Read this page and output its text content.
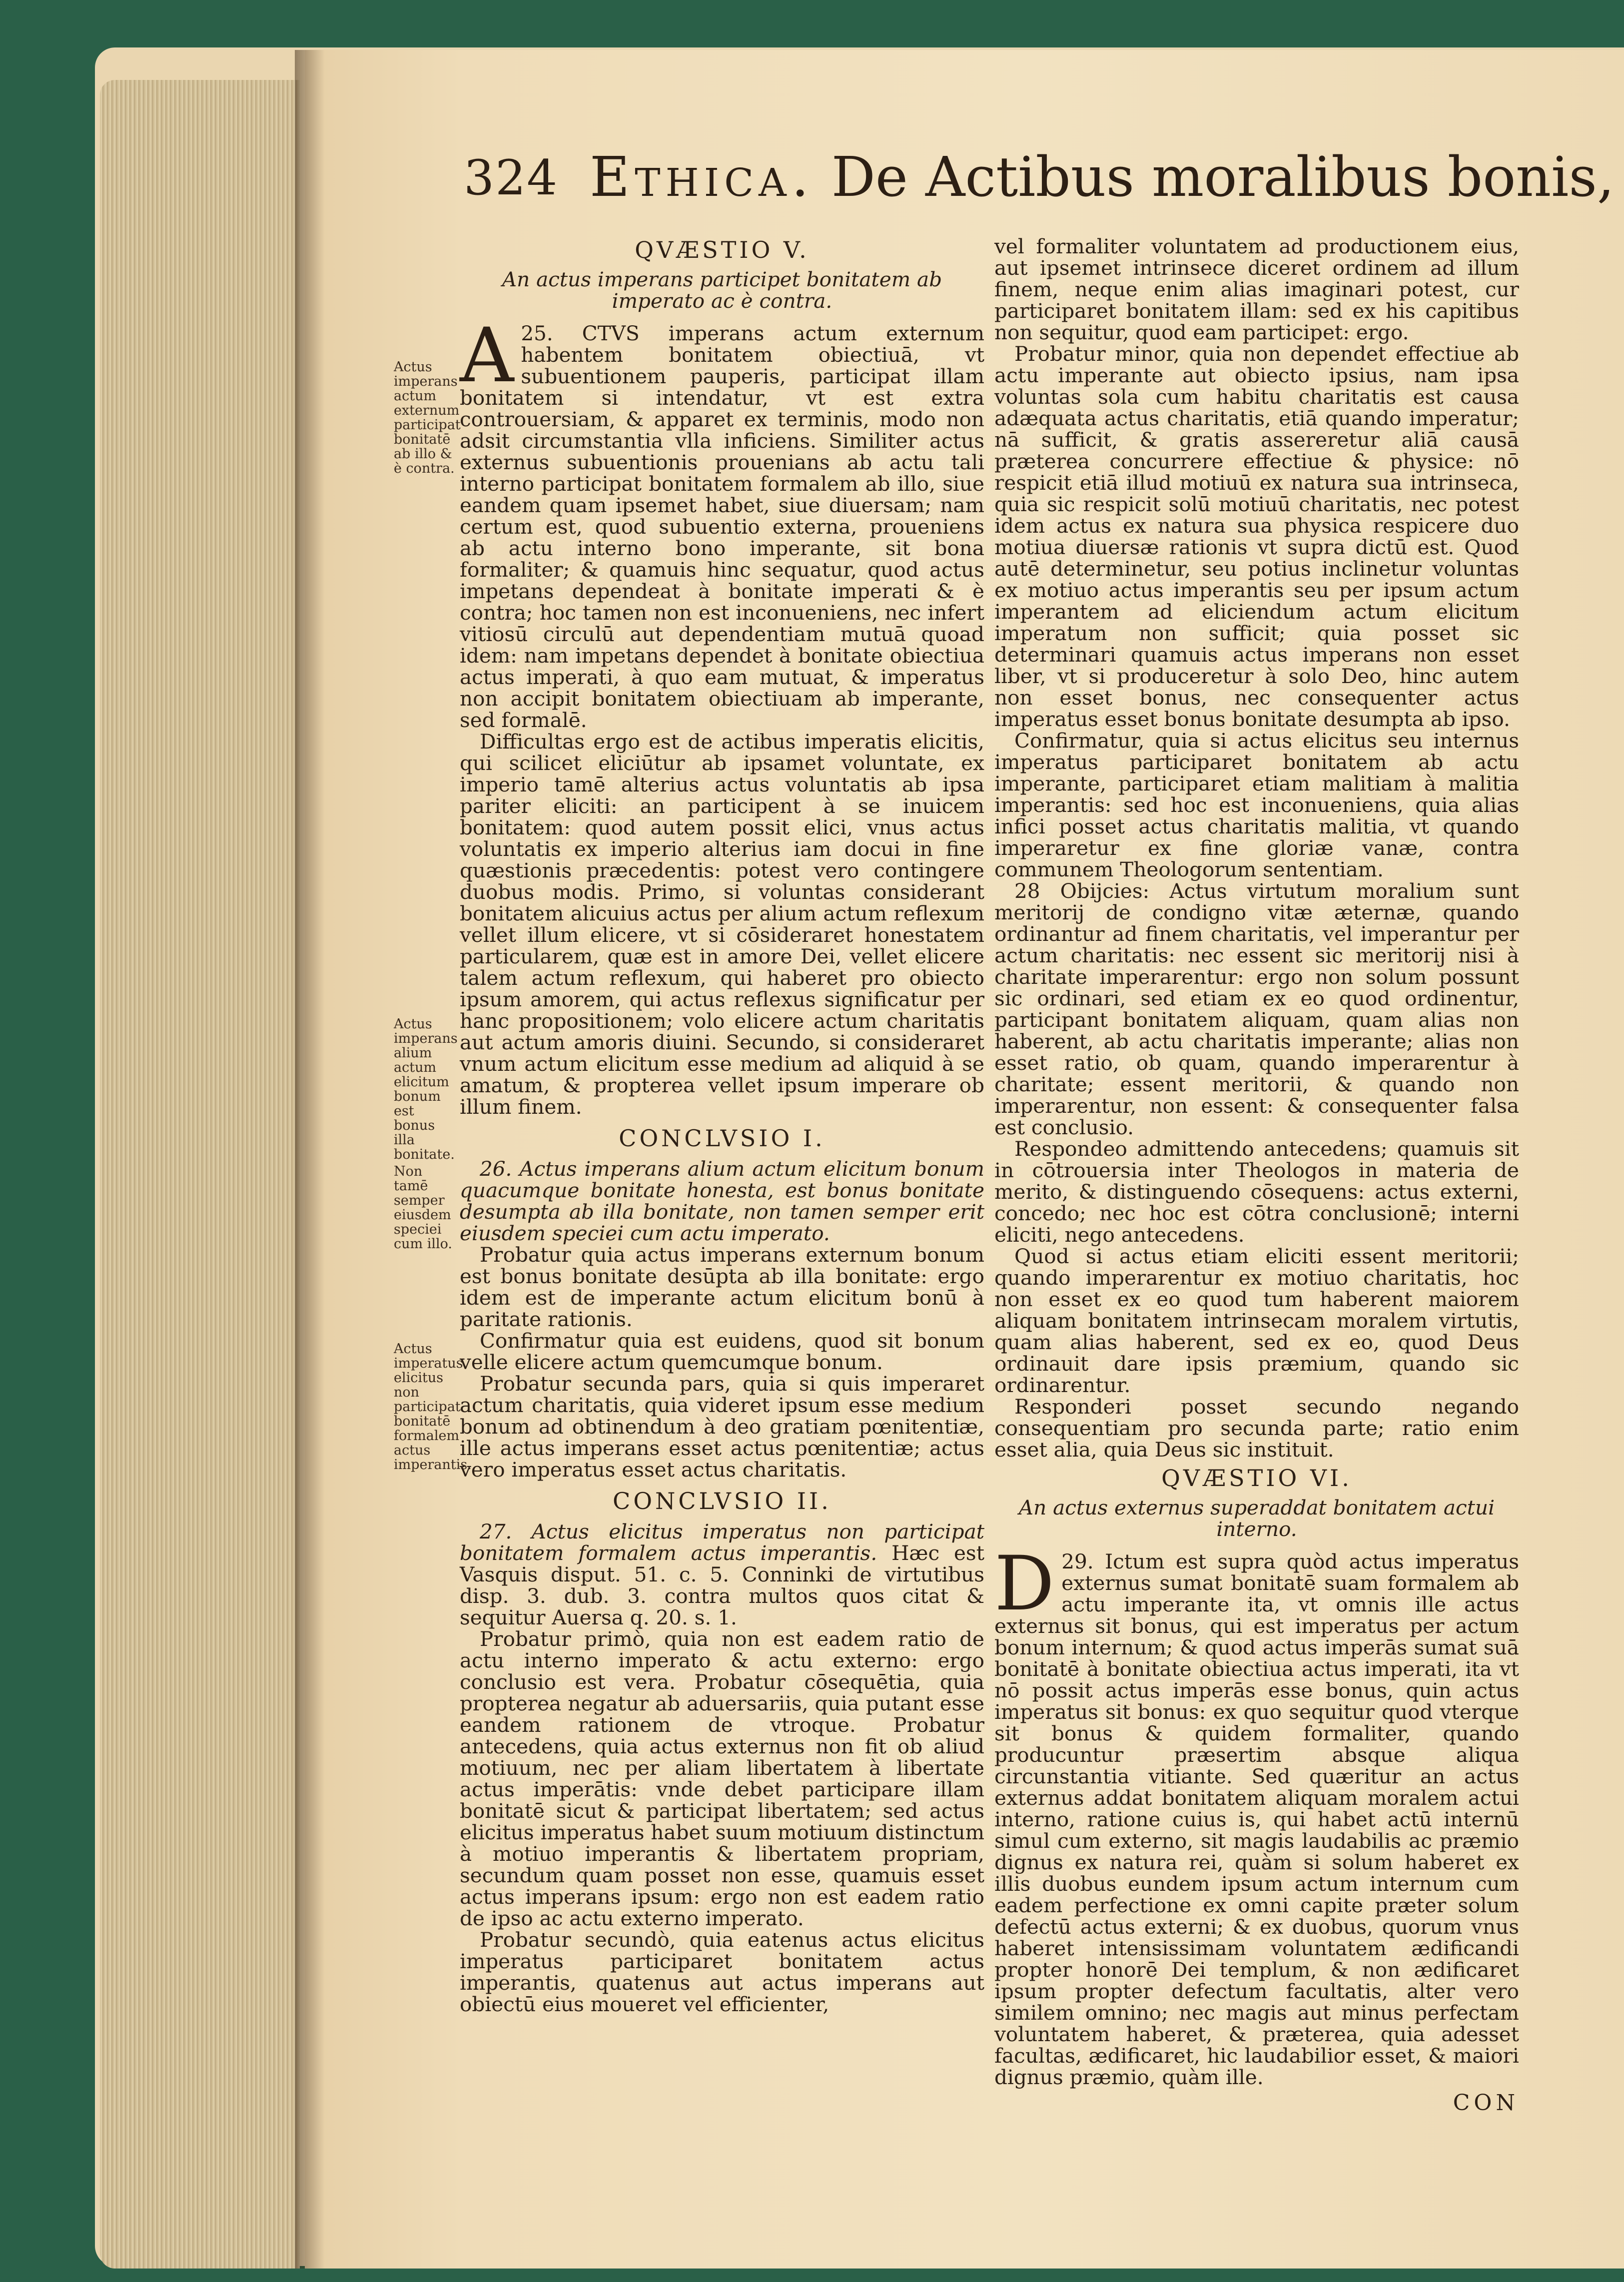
324 Ethica. De Actibus moralibus bonis,
Actus imperans actum externum participat bonitatē ab illo & è contra.
Actus imperans alium actum elicitum bonum est bonus illa bonitate.
Non tamē semper eiusdem speciei cum illo.
Actus imperatus elicitus non participat bonitatē formalem actus imperantis.
QVÆSTIO V.
An actus imperans participet bonitatem ab imperato ac è contra.

25.
A	CTVS imperans actum externum habentem bonitatem obiectiuā, vt subuentionem pauperis, participat illam bonitatem si intendatur, vt est extra controuersiam, & apparet ex terminis, modo non adsit circumstantia vlla inficiens. Similiter actus externus subuentionis prouenians ab actu tali interno participat bonitatem formalem ab illo, siue eandem quam ipsemet habet, siue diuersam; nam certum est, quod subuentio externa, proueniens ab actu interno bono imperante, sit bona formaliter; & quamuis hinc sequatur, quod actus impetans dependeat à bonitate imperati & è contra; hoc tamen non est inconueniens, nec infert vitiosū circulū aut dependentiam mutuā quoad idem: nam impetans dependet à bonitate obiectiua actus imperati, à quo eam mutuat, & imperatus non accipit bonitatem obiectiuam ab imperante, sed formalē.

Difficultas ergo est de actibus imperatis elicitis, qui scilicet eliciūtur ab ipsamet voluntate, ex imperio tamē alterius actus voluntatis ab ipsa pariter eliciti: an participent à se inuicem bonitatem: quod autem possit elici, vnus actus voluntatis ex imperio alterius iam docui in fine quæstionis præcedentis: potest vero contingere duobus modis. Primo, si voluntas considerant bonitatem alicuius actus per alium actum reflexum vellet illum elicere, vt si cōsideraret honestatem particularem, quæ est in amore Dei, vellet elicere talem actum reflexum, qui haberet pro obiecto ipsum amorem, qui actus reflexus significatur per hanc propositionem; volo elicere actum charitatis aut actum amoris diuini. Secundo, si consideraret vnum actum elicitum esse medium ad aliquid à se amatum, & propterea vellet ipsum imperare ob illum finem.

CONCLVSIO I.

26. Actus imperans alium actum elicitum bonum quacumque bonitate honesta, est bonus bonitate desumpta ab illa bonitate, non tamen semper erit eiusdem speciei cum actu imperato.

Probatur quia actus imperans externum bonum est bonus bonitate desūpta ab illa bonitate: ergo idem est de imperante actum elicitum bonū à paritate rationis.

Confirmatur quia est euidens, quod sit bonum velle elicere actum quemcumque bonum.

Probatur secunda pars, quia si quis imperaret actum charitatis, quia videret ipsum esse medium bonum ad obtinendum à deo gratiam pœnitentiæ, ille actus imperans esset actus pœnitentiæ; actus vero imperatus esset actus charitatis.

CONCLVSIO II.

27. Actus elicitus imperatus non participat bonitatem formalem actus imperantis. Hæc est Vasquis disput. 51. c. 5. Conninki de virtutibus disp. 3. dub. 3. contra multos quos citat & sequitur Auersa q. 20. s. 1.

Probatur primò, quia non est eadem ratio de actu interno imperato & actu externo: ergo conclusio est vera. Probatur cōsequētia, quia propterea negatur ab aduersariis, quia putant esse eandem rationem de vtroque. Probatur antecedens, quia actus externus non fit ob aliud motiuum, nec per aliam libertatem à libertate actus imperātis: vnde debet participare illam bonitatē sicut & participat libertatem; sed actus elicitus imperatus habet suum motiuum distinctum à motiuo imperantis & libertatem propriam, secundum quam posset non esse, quamuis esset actus imperans ipsum: ergo non est eadem ratio de ipso ac actu externo imperato.

Probatur secundò, quia eatenus actus elicitus imperatus participaret bonitatem actus imperantis, quatenus aut actus imperans aut obiectū eius moueret vel efficienter,

vel formaliter voluntatem ad productionem eius, aut ipsemet intrinsece diceret ordinem ad illum finem, neque enim alias imaginari potest, cur participaret bonitatem illam: sed ex his capitibus non sequitur, quod eam participet: ergo.

Probatur minor, quia non dependet effectiue ab actu imperante aut obiecto ipsius, nam ipsa voluntas sola cum habitu charitatis est causa adæquata actus charitatis, etiā quando imperatur; nā sufficit, & gratis assereretur aliā causā præterea concurrere effectiue & physice: nō respicit etiā illud motiuū ex natura sua intrinseca, quia sic respicit solū motiuū charitatis, nec potest idem actus ex natura sua physica respicere duo motiua diuersæ rationis vt supra dictū est. Quod autē determinetur, seu potius inclinetur voluntas ex motiuo actus imperantis seu per ipsum actum imperantem ad eliciendum actum elicitum imperatum non sufficit; quia posset sic determinari quamuis actus imperans non esset liber, vt si produceretur à solo Deo, hinc autem non esset bonus, nec consequenter actus imperatus esset bonus bonitate desumpta ab ipso.

Confirmatur, quia si actus elicitus seu internus imperatus participaret bonitatem ab actu imperante, participaret etiam malitiam à malitia imperantis: sed hoc est inconueniens, quia alias infici posset actus charitatis malitia, vt quando imperaretur ex fine gloriæ vanæ, contra communem Theologorum sententiam.

28 Obijcies: Actus virtutum moralium sunt meritorij de condigno vitæ æternæ, quando ordinantur ad finem charitatis, vel imperantur per actum charitatis: nec essent sic meritorij nisi à charitate imperarentur: ergo non solum possunt sic ordinari, sed etiam ex eo quod ordinentur, participant bonitatem aliquam, quam alias non haberent, ab actu charitatis imperante; alias non esset ratio, ob quam, quando imperarentur à charitate; essent meritorii, & quando non imperarentur, non essent: & consequenter falsa est conclusio.

Respondeo admittendo antecedens; quamuis sit in cōtrouersia inter Theologos in materia de merito, & distinguendo cōsequens: actus externi, concedo; nec hoc est cōtra conclusionē; interni eliciti, nego antecedens.

Quod si actus etiam eliciti essent meritorii; quando imperarentur ex motiuo charitatis, hoc non esset ex eo quod tum haberent maiorem aliquam bonitatem intrinsecam moralem virtutis, quam alias haberent, sed ex eo, quod Deus ordinauit dare ipsis præmium, quando sic ordinarentur.

Responderi posset secundo negando consequentiam pro secunda parte; ratio enim esset alia, quia Deus sic instituit.

QVÆSTIO VI.
An actus externus superaddat bonitatem actui interno.

29.
D Ictum est supra quòd actus imperatus externus sumat bonitatē suam formalem ab actu imperante ita, vt omnis ille actus externus sit bonus, qui est imperatus per actum bonum internum; & quod actus imperās sumat suā bonitatē à bonitate obiectiua actus imperati, ita vt nō possit actus imperās esse bonus, quin actus imperatus sit bonus: ex quo sequitur quod vterque sit bonus & quidem formaliter, quando producuntur præsertim absque aliqua circunstantia vitiante. Sed quæritur an actus externus addat bonitatem aliquam moralem actui interno, ratione cuius is, qui habet actū internū simul cum externo, sit magis laudabilis ac præmio dignus ex natura rei, quàm si solum haberet ex illis duobus eundem ipsum actum internum cum eadem perfectione ex omni capite præter solum defectū actus externi; & ex duobus, quorum vnus haberet intensissimam voluntatem ædificandi propter honorē Dei templum, & non ædificaret ipsum propter defectum facultatis, alter vero similem omnino; nec magis aut minus perfectam voluntatem haberet, & præterea, quia adesset facultas, ædificaret, hic laudabilior esset, & maiori dignus præmio, quàm ille.

CON
